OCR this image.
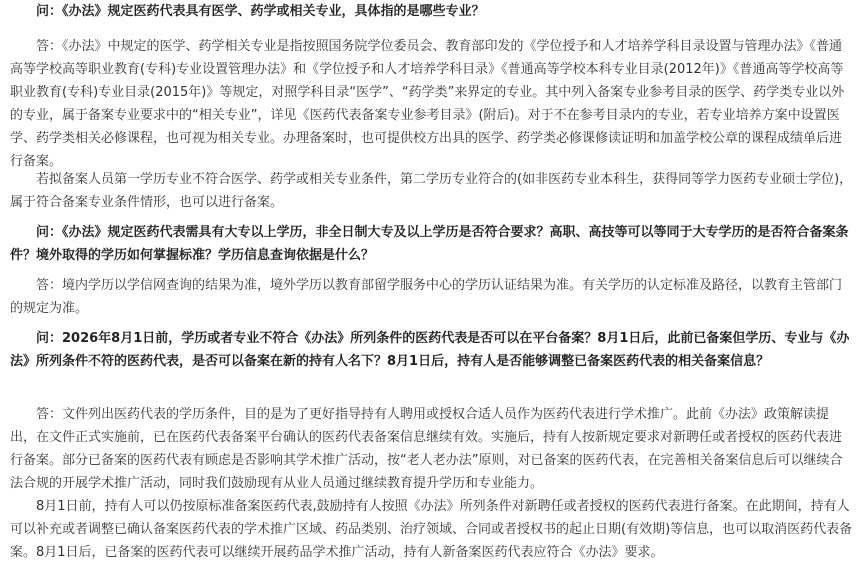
　　问：《办法》规定医药代表具有医学、药学或相关专业，具体指的是哪些专业？

　　答：《办法》中规定的医学、药学相关专业是指按照国务院学位委员会、教育部印发的《学位授予和人才培养学科目录设置与管理办法》《普通高等学校高等职业教育(专科)专业设置管理办法》和《学位授予和人才培养学科目录》《普通高等学校本科专业目录(2012年)》《普通高等学校高等职业教育(专科)专业目录(2015年)》等规定，对照学科目录“医学”、“药学类”来界定的专业。其中列入备案专业参考目录的医学、药学类专业以外的专业，属于备案专业要求中的“相关专业”，详见《医药代表备案专业参考目录》(附后)。对于不在参考目录内的专业，若专业培养方案中设置医学、药学类相关必修课程，也可视为相关专业。办理备案时，也可提供校方出具的医学、药学类必修课修读证明和加盖学校公章的课程成绩单后进行备案。

　　若拟备案人员第一学历专业不符合医学、药学或相关专业条件，第二学历专业符合的(如非医药专业本科生，获得同等学力医药专业硕士学位)，属于符合备案专业条件情形，也可以进行备案。

　　问：《办法》规定医药代表需具有大专以上学历，非全日制大专及以上学历是否符合要求？高职、高技等可以等同于大专学历的是否符合备案条件？境外取得的学历如何掌握标准？学历信息查询依据是什么？

　　答：境内学历以学信网查询的结果为准，境外学历以教育部留学服务中心的学历认证结果为准。有关学历的认定标准及路径，以教育主管部门的规定为准。

　　问：2026年8月1日前，学历或者专业不符合《办法》所列条件的医药代表是否可以在平台备案？8月1日后，此前已备案但学历、专业与《办法》所列条件不符的医药代表，是否可以备案在新的持有人名下？8月1日后，持有人是否能够调整已备案医药代表的相关备案信息？

　　答：文件列出医药代表的学历条件，目的是为了更好指导持有人聘用或授权合适人员作为医药代表进行学术推广。此前《办法》政策解读提出，在文件正式实施前，已在医药代表备案平台确认的医药代表备案信息继续有效。实施后，持有人按新规定要求对新聘任或者授权的医药代表进行备案。部分已备案的医药代表有顾虑是否影响其学术推广活动，按“老人老办法”原则，对已备案的医药代表，在完善相关备案信息后可以继续合法合规的开展学术推广活动，同时我们鼓励现有从业人员通过继续教育提升学历和专业能力。

　　8月1日前，持有人可以仍按原标准备案医药代表,鼓励持有人按照《办法》所列条件对新聘任或者授权的医药代表进行备案。在此期间，持有人可以补充或者调整已确认备案医药代表的学术推广区域、药品类别、治疗领域、合同或者授权书的起止日期(有效期)等信息，也可以取消医药代表备案。8月1日后，已备案的医药代表可以继续开展药品学术推广活动，持有人新备案医药代表应符合《办法》要求。
